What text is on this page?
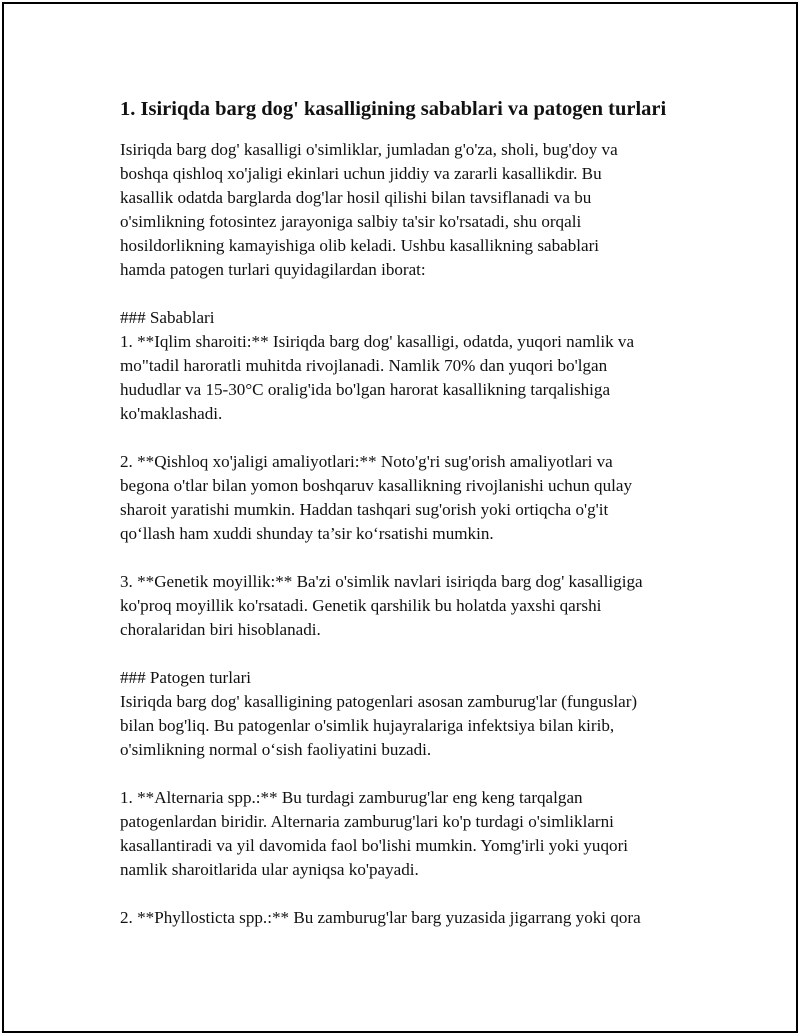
1. Isiriqda barg dog' kasalligining sabablari va patogen turlari

Isiriqda barg dog' kasalligi o'simliklar, jumladan g'o'za, sholi, bug'doy va
boshqa qishloq xo'jaligi ekinlari uchun jiddiy va zararli kasallikdir. Bu
kasallik odatda barglarda dog'lar hosil qilishi bilan tavsiflanadi va bu
o'simlikning fotosintez jarayoniga salbiy ta'sir ko'rsatadi, shu orqali
hosildorlikning kamayishiga olib keladi. Ushbu kasallikning sabablari
hamda patogen turlari quyidagilardan iborat:

### Sabablari
1. **Iqlim sharoiti:** Isiriqda barg dog' kasalligi, odatda, yuqori namlik va
mo"tadil haroratli muhitda rivojlanadi. Namlik 70% dan yuqori bo'lgan
hududlar va 15-30°C oralig'ida bo'lgan harorat kasallikning tarqalishiga
ko'maklashadi.

2. **Qishloq xo'jaligi amaliyotlari:** Noto'g'ri sug'orish amaliyotlari va
begona o'tlar bilan yomon boshqaruv kasallikning rivojlanishi uchun qulay
sharoit yaratishi mumkin. Haddan tashqari sug'orish yoki ortiqcha o'g'it
qo‘llash ham xuddi shunday ta’sir ko‘rsatishi mumkin.

3. **Genetik moyillik:** Ba'zi o'simlik navlari isiriqda barg dog' kasalligiga
ko'proq moyillik ko'rsatadi. Genetik qarshilik bu holatda yaxshi qarshi
choralaridan biri hisoblanadi.

### Patogen turlari
Isiriqda barg dog' kasalligining patogenlari asosan zamburug'lar (funguslar)
bilan bog'liq. Bu patogenlar o'simlik hujayralariga infektsiya bilan kirib,
o'simlikning normal o‘sish faoliyatini buzadi.

1. **Alternaria spp.:** Bu turdagi zamburug'lar eng keng tarqalgan
patogenlardan biridir. Alternaria zamburug'lari ko'p turdagi o'simliklarni
kasallantiradi va yil davomida faol bo'lishi mumkin. Yomg'irli yoki yuqori
namlik sharoitlarida ular ayniqsa ko'payadi.

2. **Phyllosticta spp.:** Bu zamburug'lar barg yuzasida jigarrang yoki qora
